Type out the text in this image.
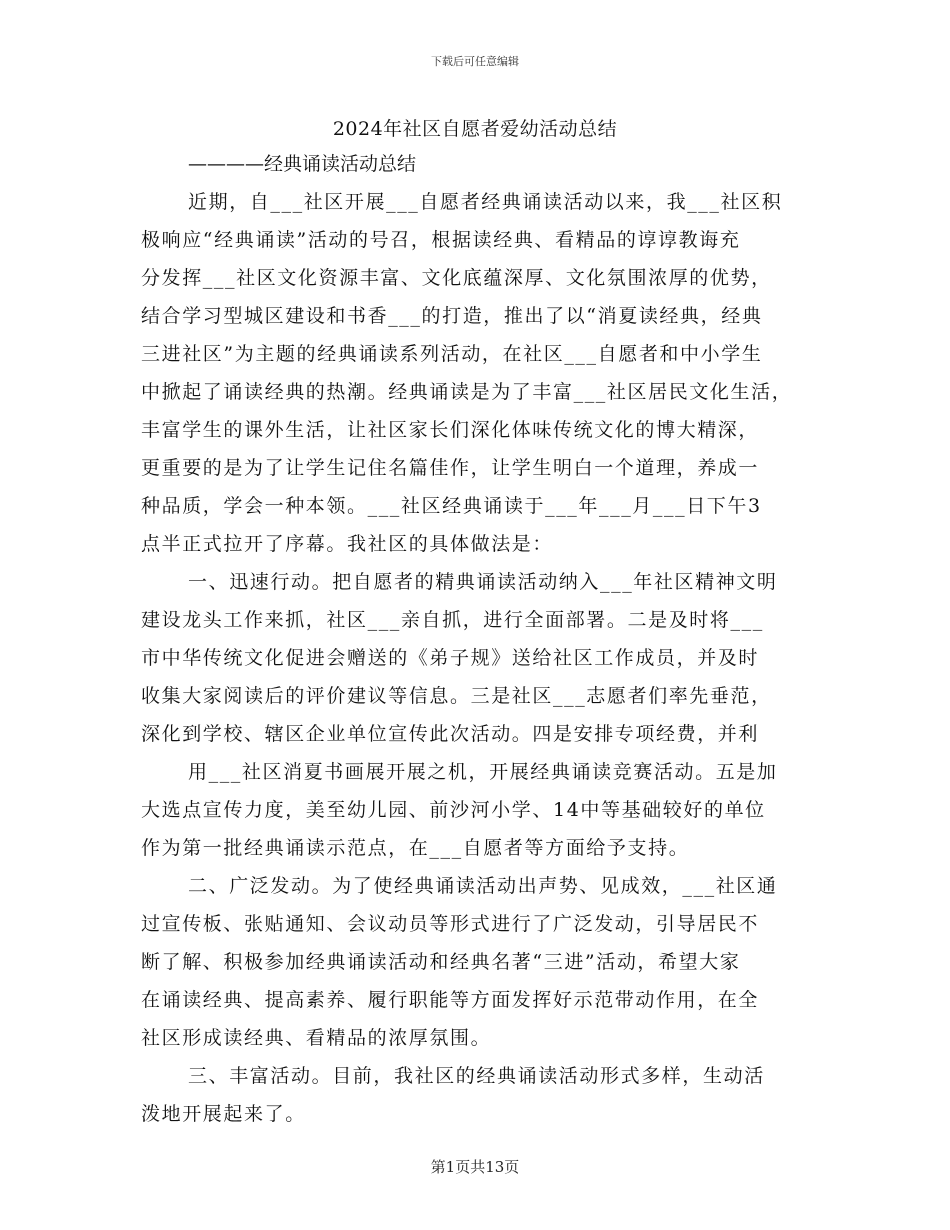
下载后可任意编辑
2024年社区自愿者爱幼活动总结
————经典诵读活动总结
近期，自___社区开展___自愿者经典诵读活动以来，我___社区积
极响应“经典诵读”活动的号召，根据读经典、看精品的谆谆教诲充
分发挥___社区文化资源丰富、文化底蕴深厚、文化氛围浓厚的优势，
结合学习型城区建设和书香___的打造，推出了以“消夏读经典，经典
三进社区”为主题的经典诵读系列活动，在社区___自愿者和中小学生
中掀起了诵读经典的热潮。经典诵读是为了丰富___社区居民文化生活，
丰富学生的课外生活，让社区家长们深化体味传统文化的博大精深，
更重要的是为了让学生记住名篇佳作，让学生明白一个道理，养成一
种品质，学会一种本领。___社区经典诵读于___年___月___日下午3
点半正式拉开了序幕。我社区的具体做法是：
一、迅速行动。把自愿者的精典诵读活动纳入___年社区精神文明
建设龙头工作来抓，社区___亲自抓，进行全面部署。二是及时将___
市中华传统文化促进会赠送的《弟子规》送给社区工作成员，并及时
收集大家阅读后的评价建议等信息。三是社区___志愿者们率先垂范，
深化到学校、辖区企业单位宣传此次活动。四是安排专项经费，并利
用___社区消夏书画展开展之机，开展经典诵读竞赛活动。五是加
大选点宣传力度，美至幼儿园、前沙河小学、14中等基础较好的单位
作为第一批经典诵读示范点，在___自愿者等方面给予支持。
二、广泛发动。为了使经典诵读活动出声势、见成效，___社区通
过宣传板、张贴通知、会议动员等形式进行了广泛发动，引导居民不
断了解、积极参加经典诵读活动和经典名著“三进”活动，希望大家
在诵读经典、提高素养、履行职能等方面发挥好示范带动作用，在全
社区形成读经典、看精品的浓厚氛围。
三、丰富活动。目前，我社区的经典诵读活动形式多样，生动活
泼地开展起来了。
第1页共13页
